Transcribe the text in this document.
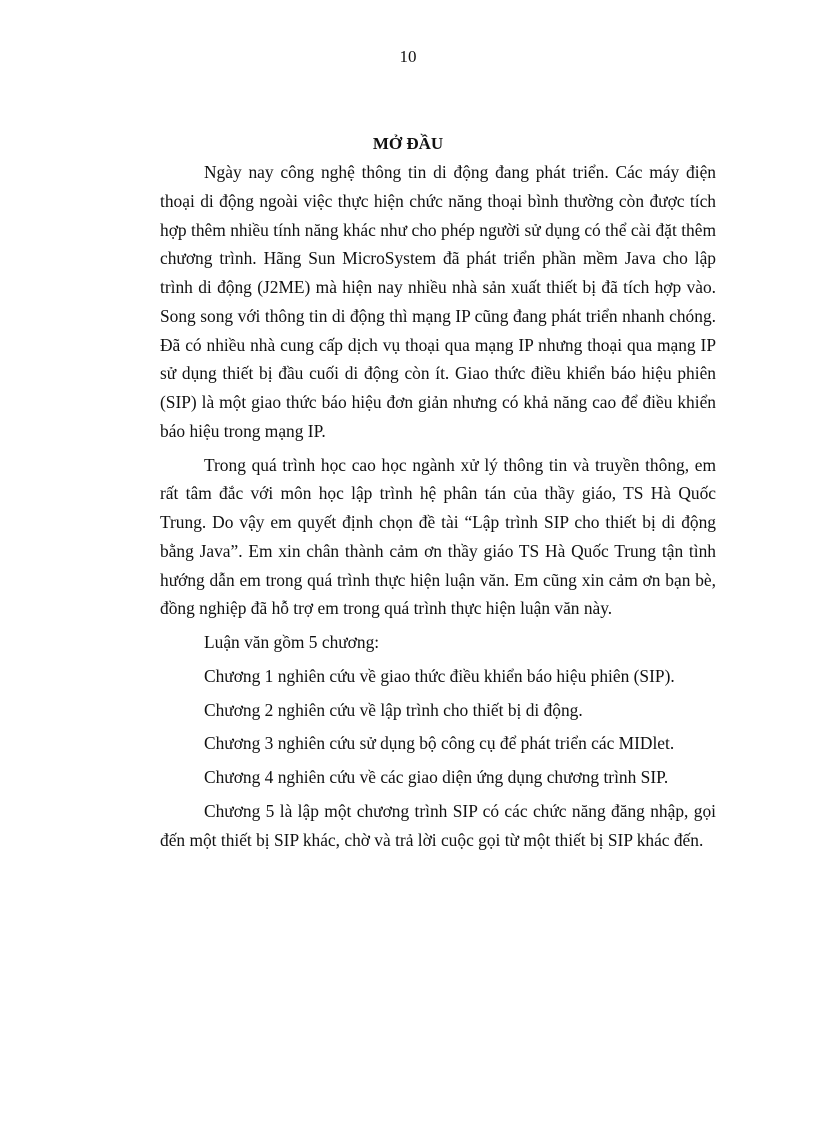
10
MỞ ĐẦU

Ngày nay công nghệ thông tin di động đang phát triển. Các máy điện thoại di động ngoài việc thực hiện chức năng thoại bình thường còn được tích hợp thêm nhiều tính năng khác như cho phép người sử dụng có thể cài đặt thêm chương trình. Hãng Sun MicroSystem đã phát triển phần mềm Java cho lập trình di động (J2ME) mà hiện nay nhiều nhà sản xuất thiết bị đã tích hợp vào. Song song với thông tin di động thì mạng IP cũng đang phát triển nhanh chóng. Đã có nhiều nhà cung cấp dịch vụ thoại qua mạng IP nhưng thoại qua mạng IP sử dụng thiết bị đầu cuối di động còn ít. Giao thức điều khiển báo hiệu phiên (SIP) là một giao thức báo hiệu đơn giản nhưng có khả năng cao để điều khiển báo hiệu trong mạng IP.

Trong quá trình học cao học ngành xử lý thông tin và truyền thông, em rất tâm đắc với môn học lập trình hệ phân tán của thầy giáo, TS Hà Quốc Trung. Do vậy em quyết định chọn đề tài “Lập trình SIP cho thiết bị di động bằng Java”. Em xin chân thành cảm ơn thầy giáo TS Hà Quốc Trung tận tình hướng dẫn em trong quá trình thực hiện luận văn. Em cũng xin cảm ơn bạn bè, đồng nghiệp đã hỗ trợ em trong quá trình thực hiện luận văn này.

Luận văn gồm 5 chương:

Chương 1 nghiên cứu về giao thức điều khiển báo hiệu phiên (SIP).

Chương 2 nghiên cứu về lập trình cho thiết bị di động.

Chương 3 nghiên cứu sử dụng bộ công cụ để phát triển các MIDlet.

Chương 4 nghiên cứu về các giao diện ứng dụng chương trình SIP.

Chương 5 là lập một chương trình SIP có các chức năng đăng nhập, gọi đến một thiết bị SIP khác, chờ và trả lời cuộc gọi từ một thiết bị SIP khác đến.
